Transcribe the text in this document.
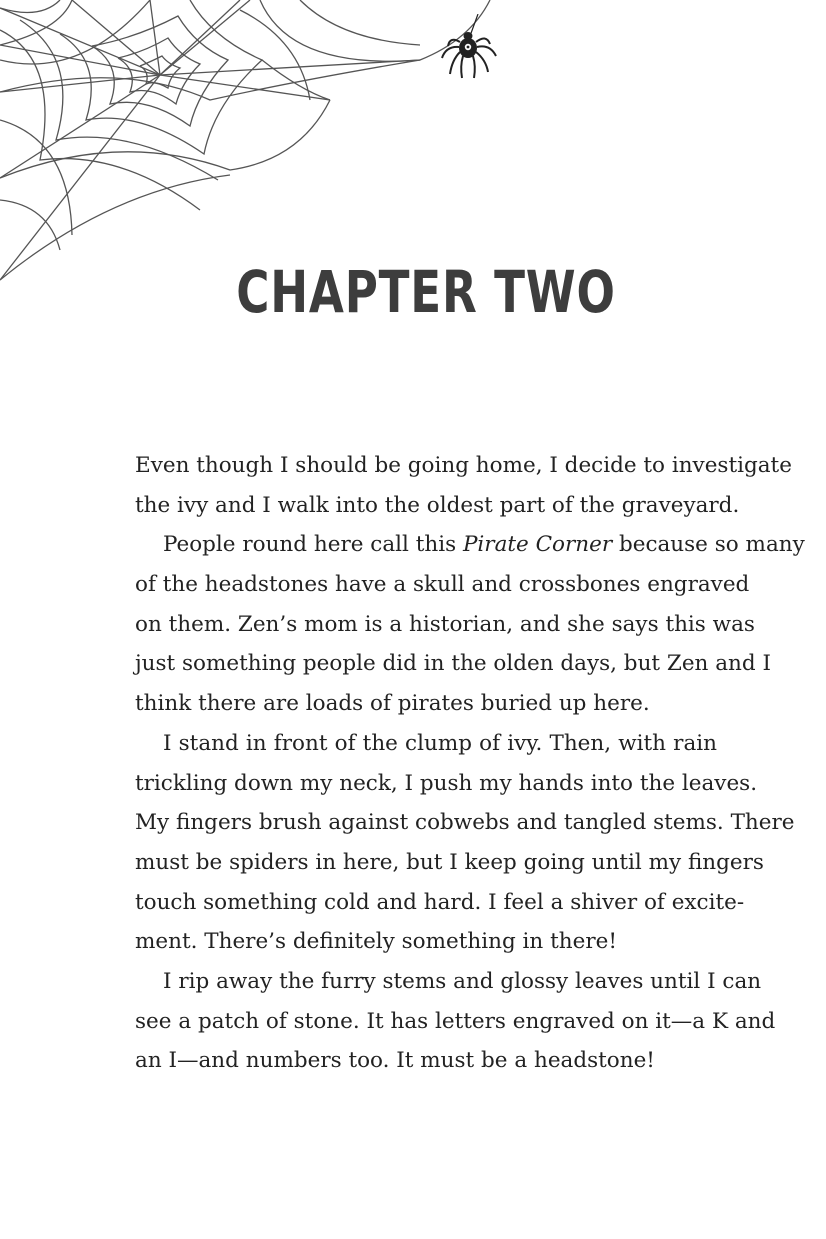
CHAPTER TWO
Even though I should be going home, I decide to investigate
the ivy and I walk into the oldest part of the graveyard.
People round here call this Pirate Corner because so many
of the headstones have a skull and crossbones engraved
on them. Zen’s mom is a historian, and she says this was
just something people did in the olden days, but Zen and I
think there are loads of pirates buried up here.
I stand in front of the clump of ivy. Then, with rain
trickling down my neck, I push my hands into the leaves.
My fingers brush against cobwebs and tangled stems. There
must be spiders in here, but I keep going until my fingers
touch something cold and hard. I feel a shiver of excite-
ment. There’s definitely something in there!
I rip away the furry stems and glossy leaves until I can
see a patch of stone. It has letters engraved on it—a K and
an I—and numbers too. It must be a headstone!
